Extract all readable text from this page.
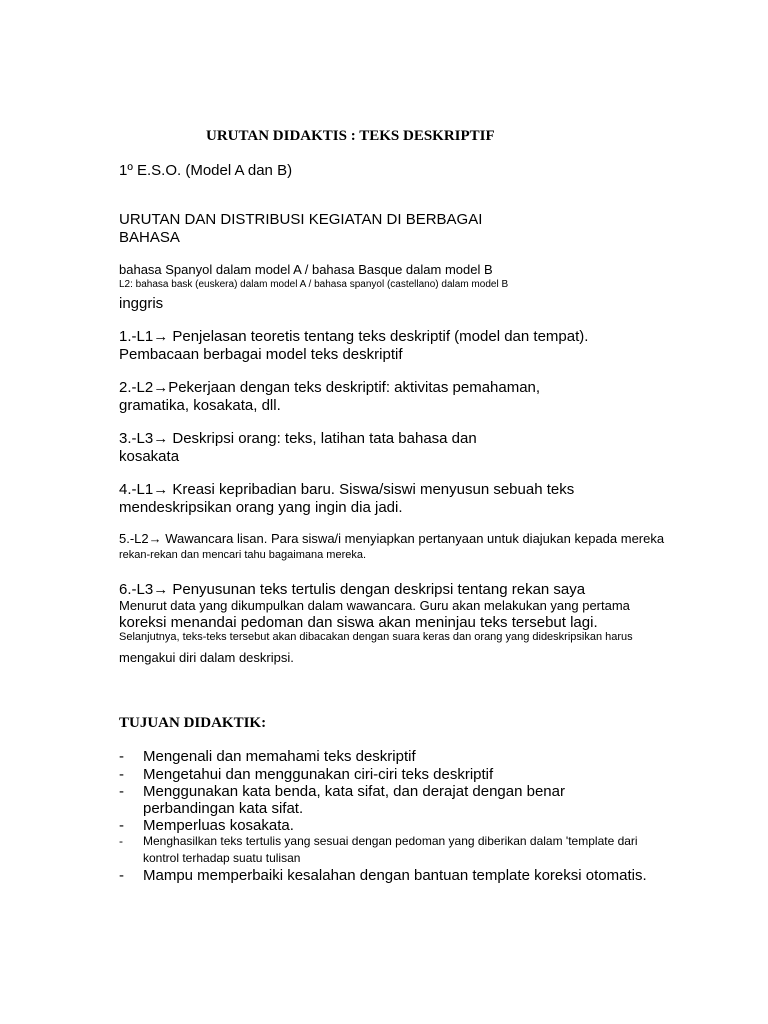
URUTAN DIDAKTIS : TEKS DESKRIPTIF
1º E.S.O. (Model A dan B)
URUTAN DAN DISTRIBUSI KEGIATAN DI BERBAGAI
BAHASA
bahasa Spanyol dalam model A / bahasa Basque dalam model B
L2: bahasa bask (euskera) dalam model A / bahasa spanyol (castellano) dalam model B
inggris
1.-L1→ Penjelasan teoretis tentang teks deskriptif (model dan tempat).
Pembacaan berbagai model teks deskriptif
2.-L2→Pekerjaan dengan teks deskriptif: aktivitas pemahaman,
gramatika, kosakata, dll.
3.-L3→ Deskripsi orang: teks, latihan tata bahasa dan
kosakata
4.-L1→ Kreasi kepribadian baru. Siswa/siswi menyusun sebuah teks
mendeskripsikan orang yang ingin dia jadi.
5.-L2→ Wawancara lisan. Para siswa/i menyiapkan pertanyaan untuk diajukan kepada mereka
rekan-rekan dan mencari tahu bagaimana mereka.
6.-L3→ Penyusunan teks tertulis dengan deskripsi tentang rekan saya
Menurut data yang dikumpulkan dalam wawancara. Guru akan melakukan yang pertama
koreksi menandai pedoman dan siswa akan meninjau teks tersebut lagi.
Selanjutnya, teks-teks tersebut akan dibacakan dengan suara keras dan orang yang dideskripsikan harus
mengakui diri dalam deskripsi.
TUJUAN DIDAKTIK:
-	Mengenali dan memahami teks deskriptif
-	Mengetahui dan menggunakan ciri-ciri teks deskriptif
-	Menggunakan kata benda, kata sifat, dan derajat dengan benar
perbandingan kata sifat.
-	Memperluas kosakata.
-	Menghasilkan teks tertulis yang sesuai dengan pedoman yang diberikan dalam 'template dari
kontrol terhadap suatu tulisan
-	Mampu memperbaiki kesalahan dengan bantuan template koreksi otomatis.
